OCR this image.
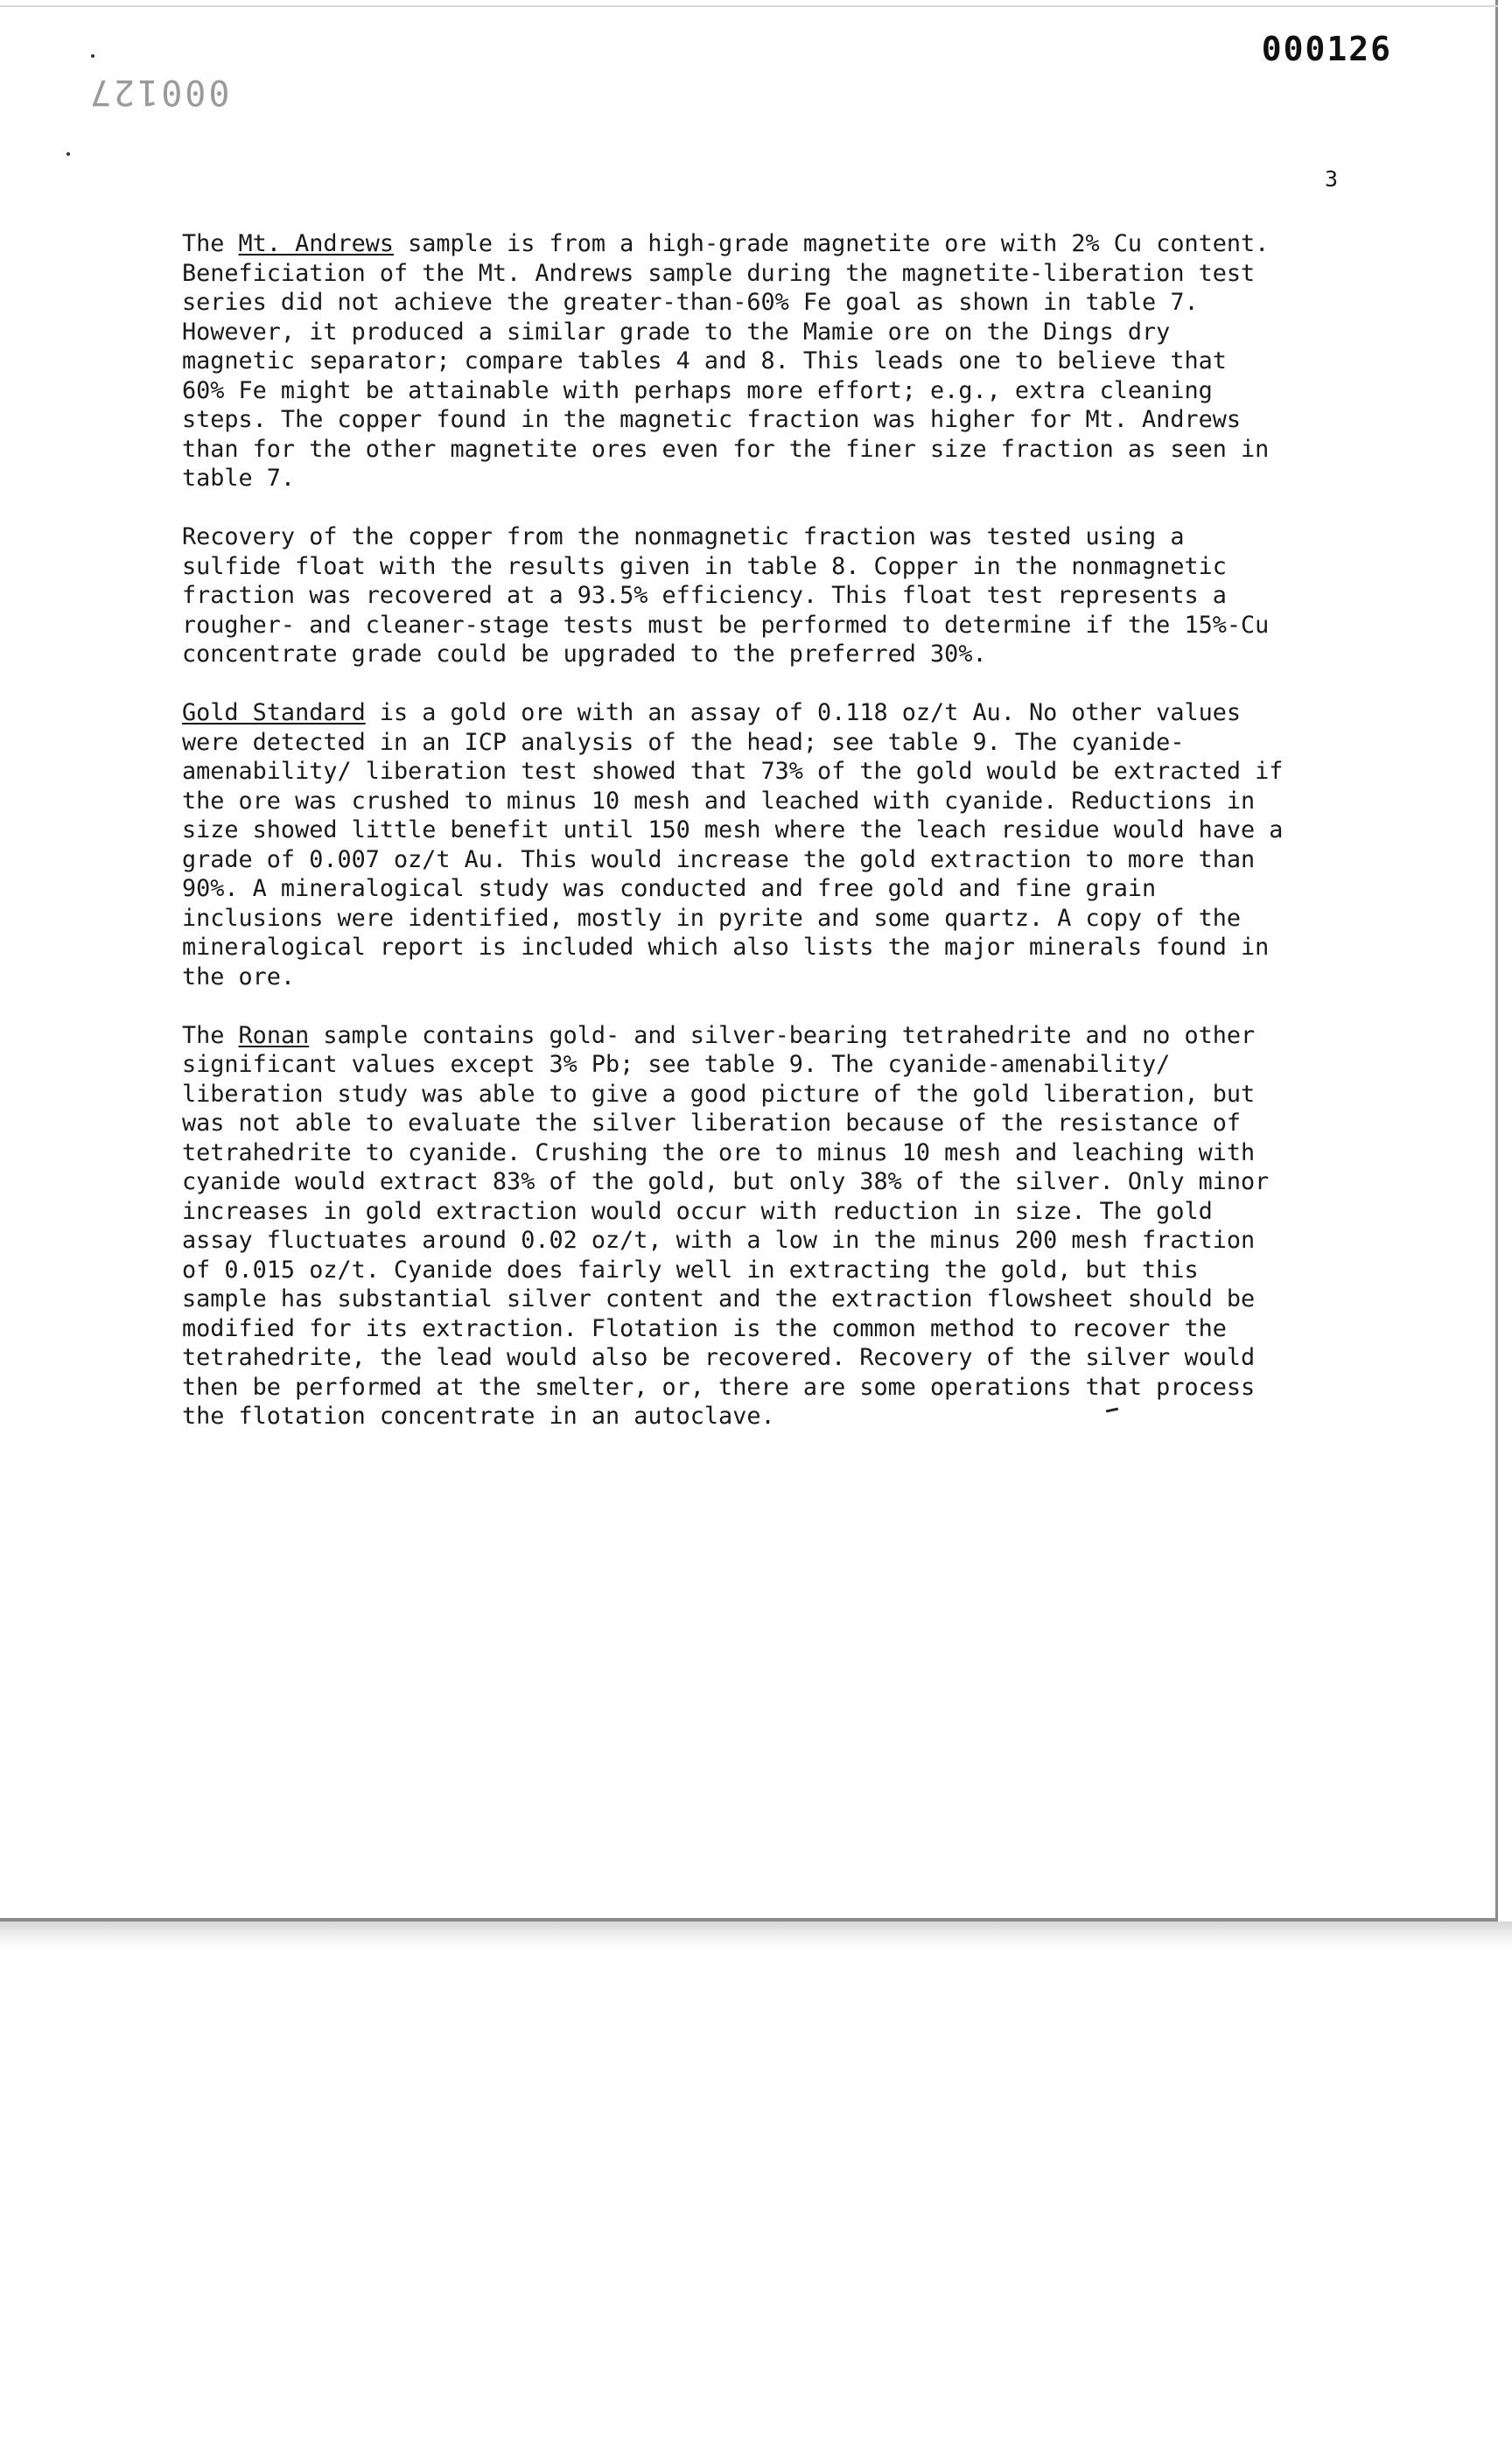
000126
000127
3

The Mt. Andrews sample is from a high-grade magnetite ore with 2% Cu content.
Beneficiation of the Mt. Andrews sample during the magnetite-liberation test
series did not achieve the greater-than-60% Fe goal as shown in table 7.
However, it produced a similar grade to the Mamie ore on the Dings dry
magnetic separator; compare tables 4 and 8. This leads one to believe that
60% Fe might be attainable with perhaps more effort; e.g., extra cleaning
steps. The copper found in the magnetic fraction was higher for Mt. Andrews
than for the other magnetite ores even for the finer size fraction as seen in
table 7.

Recovery of the copper from the nonmagnetic fraction was tested using a
sulfide float with the results given in table 8. Copper in the nonmagnetic
fraction was recovered at a 93.5% efficiency. This float test represents a
rougher- and cleaner-stage tests must be performed to determine if the 15%-Cu
concentrate grade could be upgraded to the preferred 30%.

Gold Standard is a gold ore with an assay of 0.118 oz/t Au. No other values
were detected in an ICP analysis of the head; see table 9. The cyanide-
amenability/ liberation test showed that 73% of the gold would be extracted if
the ore was crushed to minus 10 mesh and leached with cyanide. Reductions in
size showed little benefit until 150 mesh where the leach residue would have a
grade of 0.007 oz/t Au. This would increase the gold extraction to more than
90%. A mineralogical study was conducted and free gold and fine grain
inclusions were identified, mostly in pyrite and some quartz. A copy of the
mineralogical report is included which also lists the major minerals found in
the ore.

The Ronan sample contains gold- and silver-bearing tetrahedrite and no other
significant values except 3% Pb; see table 9. The cyanide-amenability/
liberation study was able to give a good picture of the gold liberation, but
was not able to evaluate the silver liberation because of the resistance of
tetrahedrite to cyanide. Crushing the ore to minus 10 mesh and leaching with
cyanide would extract 83% of the gold, but only 38% of the silver. Only minor
increases in gold extraction would occur with reduction in size. The gold
assay fluctuates around 0.02 oz/t, with a low in the minus 200 mesh fraction
of 0.015 oz/t. Cyanide does fairly well in extracting the gold, but this
sample has substantial silver content and the extraction flowsheet should be
modified for its extraction. Flotation is the common method to recover the
tetrahedrite, the lead would also be recovered. Recovery of the silver would
then be performed at the smelter, or, there are some operations that process
the flotation concentrate in an autoclave.
